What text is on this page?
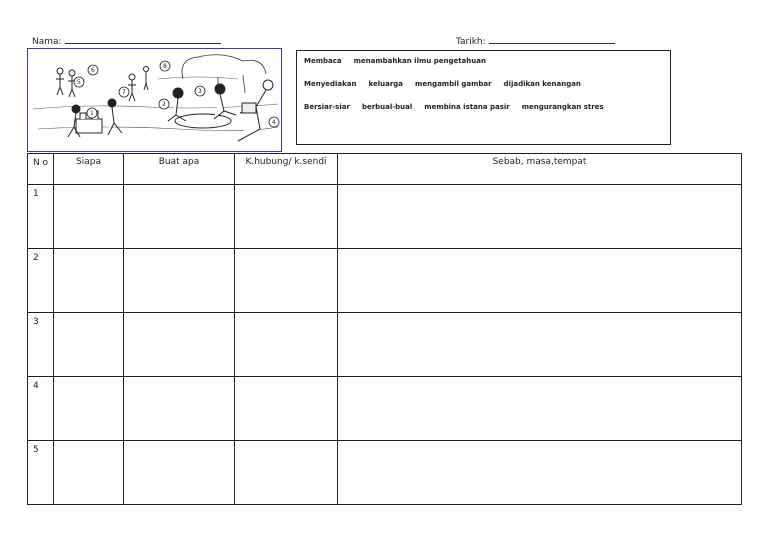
Nama:	Tarikh:
1
2
3
4
5
6
7
8
Membaca menambahkan ilmu pengetahuan
Menyediakan keluarga mengambil gambar dijadikan kenangan
Bersiar-siar berbual-bual membina istana pasir mengurangkan stres
N o	Siapa	Buat apa	K.hubung/ k.sendi	Sebab, masa,tempat
1				
2				
3				
4				
5				
